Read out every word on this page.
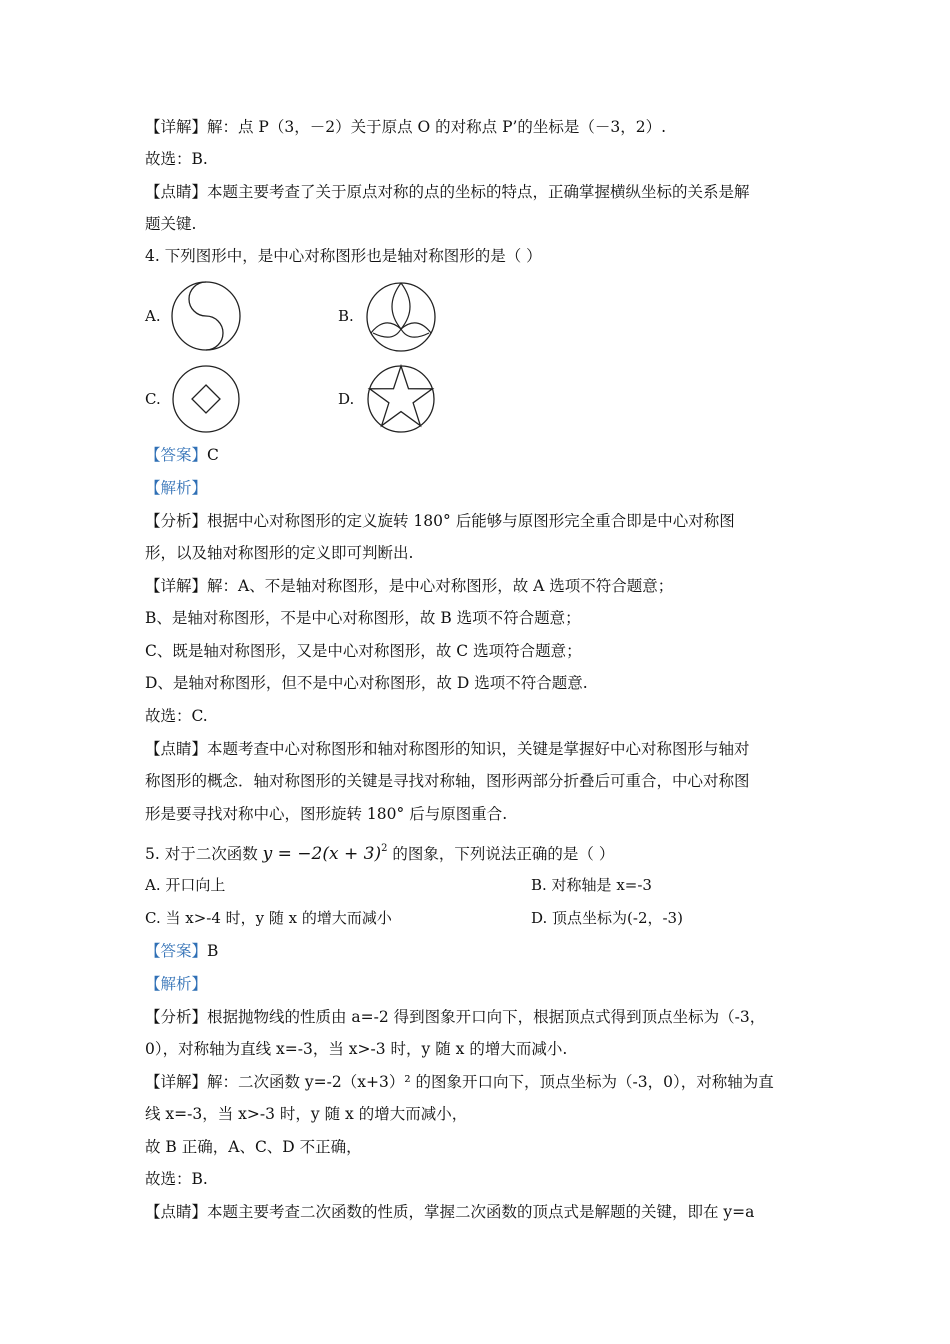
【详解】解：点 P（3，－2）关于原点 O 的对称点 P’的坐标是（－3，2）.
故选：B.
【点睛】本题主要考查了关于原点对称的点的坐标的特点，正确掌握横纵坐标的关系是解
题关键.
4. 下列图形中，是中心对称图形也是轴对称图形的是（ ）
A.	B.
C.	D.
【答案】C
【解析】
【分析】根据中心对称图形的定义旋转 180° 后能够与原图形完全重合即是中心对称图
形，以及轴对称图形的定义即可判断出.
【详解】解：A、不是轴对称图形，是中心对称图形，故 A 选项不符合题意；
B、是轴对称图形，不是中心对称图形，故 B 选项不符合题意；
C、既是轴对称图形，又是中心对称图形，故 C 选项符合题意；
D、是轴对称图形，但不是中心对称图形，故 D 选项不符合题意.
故选：C.
【点睛】本题考查中心对称图形和轴对称图形的知识，关键是掌握好中心对称图形与轴对
称图形的概念．轴对称图形的关键是寻找对称轴，图形两部分折叠后可重合，中心对称图
形是要寻找对称中心，图形旋转 180° 后与原图重合.
5. 对于二次函数 $y = -2(x + 3)^2$ 的图象，下列说法正确的是（ ）
A. 开口向上	B. 对称轴是 x=-3
C. 当 x>-4 时，y 随 x 的增大而减小	D. 顶点坐标为(-2，-3)
【答案】B
【解析】
【分析】根据抛物线的性质由 a=-2 得到图象开口向下，根据顶点式得到顶点坐标为（-3，
0），对称轴为直线 x=-3，当 x>-3 时，y 随 x 的增大而减小.
【详解】解：二次函数 y=-2（x+3）² 的图象开口向下，顶点坐标为（-3，0），对称轴为直
线 x=-3，当 x>-3 时，y 随 x 的增大而减小，
故 B 正确，A、C、D 不正确，
故选：B.
【点睛】本题主要考查二次函数的性质，掌握二次函数的顶点式是解题的关键，即在 y=a
